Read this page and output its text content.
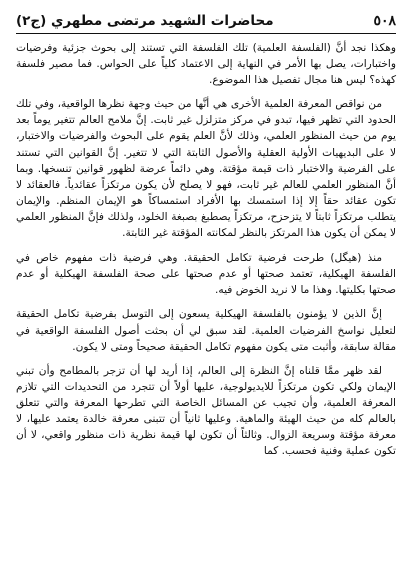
٥٠٨
محاضرات الشهيد مرتضى مطهري (ج٢)

وهكذا نجد أنَّ (الفلسفة العلمية) تلك الفلسفة التي تستند إلى بحوث جزئية وفرضيات واختبارات، يصل بها الأمر في النهاية إلى الاعتماد كلياً على الحواس. فما مصير فلسفة كهذه؟ ليس هنا مجال تفصيل هذا الموضوع.

من نواقص المعرفة العلمية الأخرى هي أنَّها من حيث وجهة نظرها الواقعية، وفي تلك الحدود التي تظهر فيها، تبدو في مركز متزلزل غير ثابت. إنَّ ملامح العالم تتغير يوماً بعد يوم من حيث المنظور العلمي، وذلك لأنَّ العلم يقوم على البحوث والفرضيات والاختبار، لا على البديهيات الأولية العقلية والأصول الثابتة التي لا تتغير. إنَّ القوانين التي تستند على الفرضية والاختبار ذات قيمة مؤقتة. وهي دائماً عرضة لظهور قوانين تنسخها. وبما أنَّ المنظور العلمي للعالم غير ثابت، فهو لا يصلح لأن يكون مرتكزاً عقائدياً. فالعقائد لا تكون عقائد حقاً إلا إذا استمسك بها الأفراد استمساكاً هو الإيمان المنظم. والإيمان يتطلب مرتكزاً ثابتاً لا يتزحزح، مرتكزاً يصطبغ بصبغة الخلود، ولذلك فإنَّ المنظور العلمي لا يمكن أن يكون هذا المرتكز بالنظر لمكانته المؤقتة غير الثابتة.

منذ (هيگل) طرحت فرضية تكامل الحقيقة. وهي فرضية ذات مفهوم خاص في الفلسفة الهيكلية، تعتمد صحتها أو عدم صحتها على صحة الفلسفة الهيكلية أو عدم صحتها بكليتها. وهذا ما لا نريد الخوض فيه.

إنَّ الذين لا يؤمنون بالفلسفة الهيكلية يسعون إلى التوسل بفرضية تكامل الحقيقة لتعليل نواسخ الفرضيات العلمية. لقد سبق لي أن بحثت أصول الفلسفة الواقعية في مقالة سابقة، وأثبت متى يكون مفهوم تكامل الحقيقة صحيحاً ومتى لا يكون.

لقد ظهر ممَّا قلناه إنَّ النظرة إلى العالم، إذا أريد لها أن تزجر بالمطامح وأن تبني الإيمان ولكي تكون مرتكزاً للايديولوجية، عليها أولاً أن تتجرد من التحديدات التي تلازم المعرفة العلمية، وأن تجيب عن المسائل الخاصة التي تطرحها المعرفة والتي تتعلق بالعالم كله من حيث الهيئة والماهية. وعليها ثانياً أن تتبنى معرفة خالدة يعتمد عليها، لا معرفة مؤقتة وسريعة الزوال. وثالثاً أن تكون لها قيمة نظرية ذات منظور واقعي، لا أن تكون عملية وفنية فحسب. كما
